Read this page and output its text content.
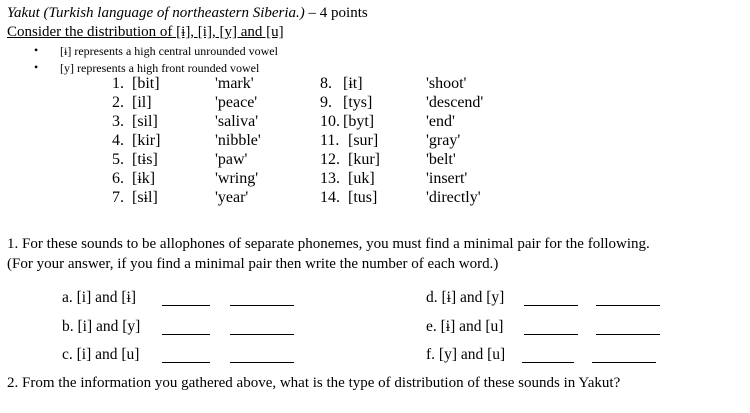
Yakut (Turkish language of northeastern Siberia.) – 4 points
Consider the distribution of [ɨ], [i], [y] and [u]
• [ɨ] represents a high central unrounded vowel
• [y] represents a high front rounded vowel
1. [bit]	'mark'
2. [il]	'peace'
3. [sil]	'saliva'
4. [kir]	'nibble'
5. [tɨs]	'paw'
6. [ɨk]	'wring'
7. [sɨl]	'year'
8. [ɨt]	'shoot'
9. [tys]	'descend'
10. [byt]	'end'
11. [sur]	'gray'
12. [kur]	'belt'
13. [uk]	'insert'
14. [tus]	'directly'
1. For these sounds to be allophones of separate phonemes, you must find a minimal pair for the following.
(For your answer, if you find a minimal pair then write the number of each word.)
a. [i] and [ɨ]
b. [i] and [y]
c. [i] and [u]
d. [ɨ] and [y]
e. [ɨ] and [u]
f. [y] and [u]
2. From the information you gathered above, what is the type of distribution of these sounds in Yakut?
